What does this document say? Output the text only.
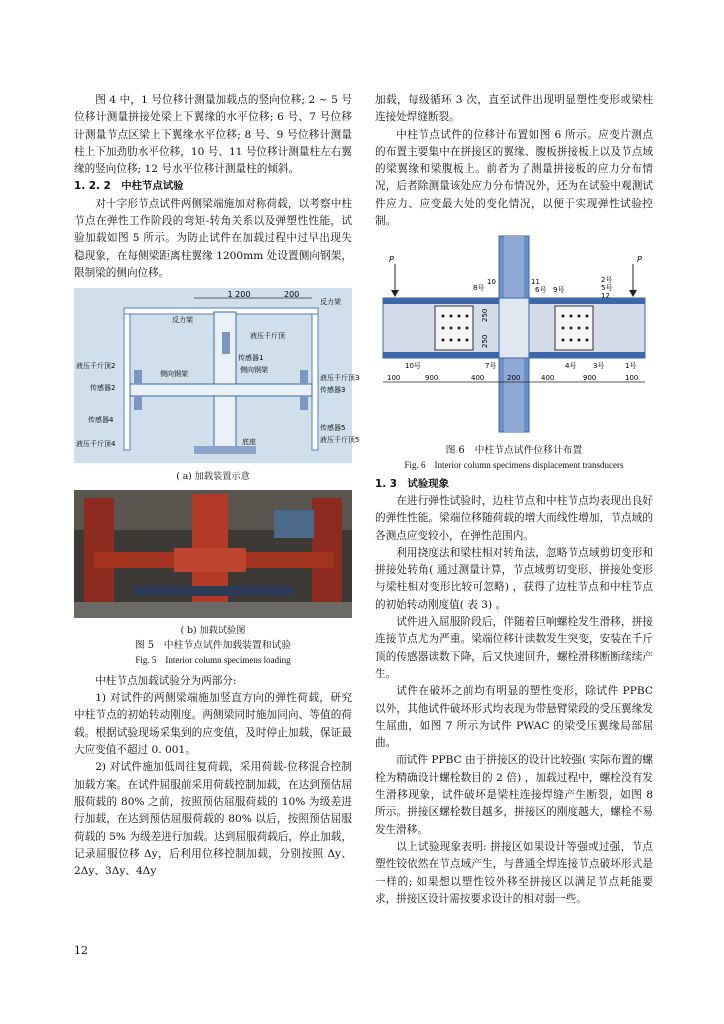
图 4 中，1 号位移计测量加载点的竖向位移; 2 ~ 5 号位移计测量拼接处梁上下翼缘的水平位移; 6 号、7 号位移计测量节点区梁上下翼缘水平位移; 8 号、9 号位移计测量柱上下加劲肋水平位移，10 号、11 号位移计测量柱左右翼缘的竖向位移; 12 号水平位移计测量柱的倾斜。

1. 2. 2　中柱节点试验

对十字形节点试件两侧梁端施加对称荷载，以考察中柱节点在弹性工作阶段的弯矩-转角关系以及弹塑性性能，试验加载如图 5 所示。为防止试件在加载过程中过早出现失稳现象，在每侧梁距离柱翼缘 1200mm 处设置侧向钢架，限制梁的侧向位移。

1 200	200
反力架
反力架
液压千斤顶
液压千斤顶2
传感器2
侧向钢架
传感器1
侧向钢架
液压千斤顶3
传感器3
传感器4
传感器5
液压千斤顶5
液压千斤顶4	底座
( a) 加载装置示意
( b) 加载试验图
图 5　中柱节点试件加载装置和试验
Fig. 5　Interior column specimens loading

中柱节点加载试验分为两部分:

1) 对试件的两侧梁端施加竖直方向的弹性荷载，研究中柱节点的初始转动刚度。两侧梁同时施加同向、等值的荷载。根据试验现场采集到的应变值，及时停止加载，保证最大应变值不超过 0. 001。

2) 对试件施加低周往复荷载，采用荷载-位移混合控制加载方案。在试件屈服前采用荷载控制加载，在达到预估屈服荷载的 80% 之前，按照预估屈服荷载的 10% 为级差进行加载，在达到预估屈服荷载的 80% 以后，按照预估屈服荷载的 5% 为级差进行加载。达到屈服荷载后，停止加载，记录屈服位移 Δy，后利用位移控制加载，分别按照 Δy、2Δy、3Δy、4Δy

加载，每级循环 3 次，直至试件出现明显塑性变形或梁柱连接处焊缝断裂。

中柱节点试件的位移计布置如图 6 所示。应变片测点的布置主要集中在拼接区的翼缘、腹板拼接板上以及节点域的梁翼缘和梁腹板上。前者为了测量拼接板的应力分布情况，后者除测量该处应力分布情况外，还为在试验中观测试件应力、应变最大处的变化情况，以便于实现弹性试验控制。

P	P
8号
10	11
6号 9号
2号
5号
12
10号	7号	4号 3号	1号
250
250
100	900	400	200	400	900	100
图 6　中柱节点试件位移计布置
Fig. 6　Interior column specimens displacement transducers

1. 3　试验现象

在进行弹性试验时，边柱节点和中柱节点均表现出良好的弹性性能。梁端位移随荷载的增大而线性增加，节点域的各测点应变较小，在弹性范围内。

利用挠度法和梁柱相对转角法，忽略节点域剪切变形和拼接处转角( 通过测量计算，节点域剪切变形、拼接处变形与梁柱相对变形比较可忽略) ，获得了边柱节点和中柱节点的初始转动刚度值( 表 3) 。

试件进入屈服阶段后，伴随着巨响螺栓发生滑移，拼接连接节点尤为严重。梁端位移计读数发生突变，安装在千斤顶的传感器读数下降，后又快速回升，螺栓滑移断断续续产生。

试件在破坏之前均有明显的塑性变形，除试件 PPBC 以外，其他试件破坏形式均表现为带悬臂梁段的受压翼缘发生屈曲，如图 7 所示为试件 PWAC 的梁受压翼缘局部屈曲。

而试件 PPBC 由于拼接区的设计比较强( 实际布置的螺栓为精确设计螺栓数目的 2 倍) ，加载过程中，螺栓没有发生滑移现象，试件破坏是梁柱连接焊缝产生断裂，如图 8 所示。拼接区螺栓数目越多，拼接区的刚度越大，螺栓不易发生滑移。

以上试验现象表明: 拼接区如果设计等强或过强，节点塑性铰依然在节点域产生，与普通全焊连接节点破坏形式是一样的; 如果想以塑性铰外移至拼接区以满足节点耗能要求，拼接区设计需按要求设计的相对弱一些。

12
